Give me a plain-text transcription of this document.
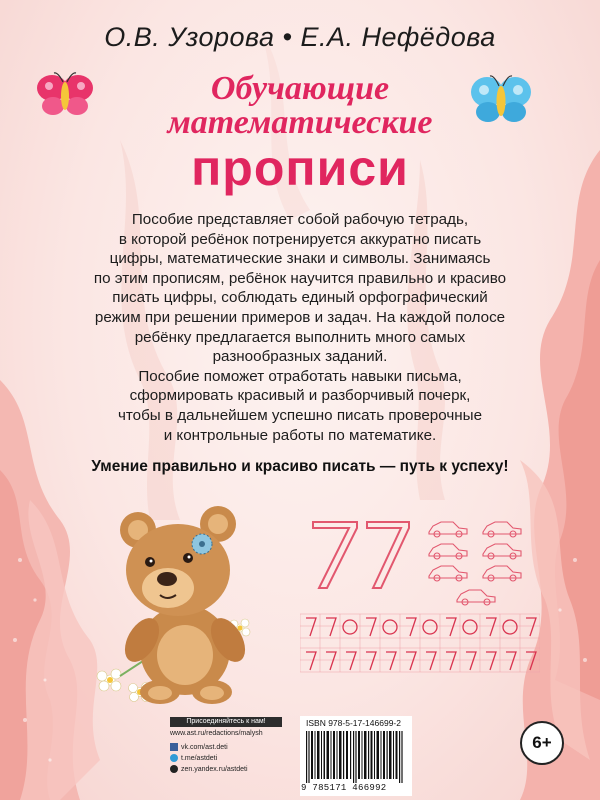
О.В. Узорова • Е.А. Нефёдова
Обучающие
математические
прописи

Пособие представляет собой рабочую тетрадь,

в которой ребёнок потренируется аккуратно писать

цифры, математические знаки и символы. Занимаясь

по этим прописям, ребёнок научится правильно и красиво

писать цифры, соблюдать единый орфографический

режим при решении примеров и задач. На каждой полосе

ребёнку предлагается выполнить много самых

разнообразных заданий.

Пособие поможет отработать навыки письма,

сформировать красивый и разборчивый почерк,

чтобы в дальнейшем успешно писать проверочные

и контрольные работы по математике.

Умение правильно и красиво писать — путь к успеху!
7
Присоединяйтесь к нам!
www.ast.ru/redactions/malysh
vk.com/ast.deti
t.me/astdeti
zen.yandex.ru/astdeti
ISBN 978-5-17-146699-2
9 785171 466992
6+
